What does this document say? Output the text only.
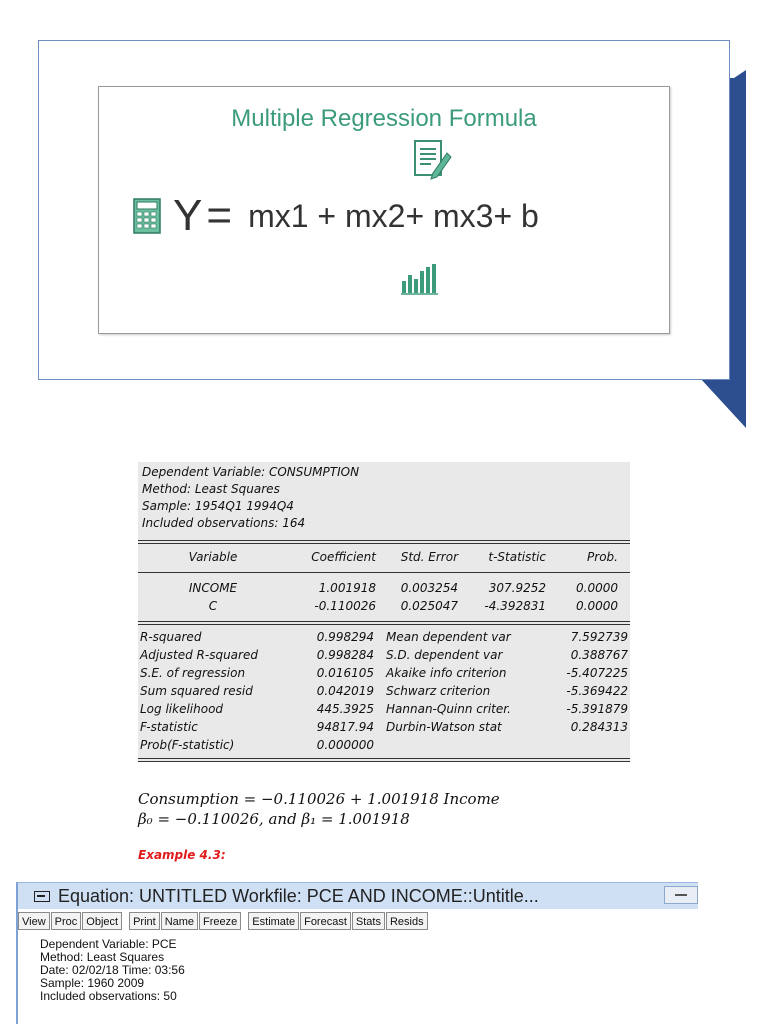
Multiple Regression Formula
Y = mx1 + mx2+ mx3+ b
Dependent Variable: CONSUMPTION
Method: Least Squares
Sample: 1954Q1 1994Q4
Included observations: 164
Variable	Coefficient	Std. Error	t-Statistic	Prob.
INCOME	1.001918	0.003254	307.9252	0.0000
C	-0.110026	0.025047	-4.392831	0.0000
R-squared	0.998294	Mean dependent var	7.592739
Adjusted R-squared	0.998284	S.D. dependent var	0.388767
S.E. of regression	0.016105	Akaike info criterion	-5.407225
Sum squared resid	0.042019	Schwarz criterion	-5.369422
Log likelihood	445.3925	Hannan-Quinn criter.	-5.391879
F-statistic	94817.94	Durbin-Watson stat	0.284313
Prob(F-statistic)	0.000000
Consumption = −0.110026 + 1.001918 Income
β₀ = −0.110026, and β₁ = 1.001918
Example 4.3:
Equation: UNTITLED Workfile: PCE AND INCOME::Untitle...
View Proc Object	Print Name Freeze	Estimate Forecast Stats Resids
Dependent Variable: PCE
Method: Least Squares
Date: 02/02/18 Time: 03:56
Sample: 1960 2009
Included observations: 50
